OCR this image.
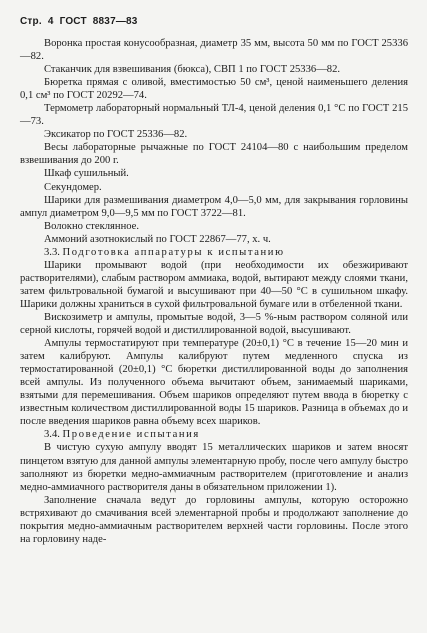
Стр. 4 ГОСТ 8837—83

Воронка простая конусообразная, диаметр 35 мм, высота 50 мм по ГОСТ 25336—82.

Стаканчик для взвешивания (бюкса), СВП 1 по ГОСТ 25336—82.

Бюретка прямая с оливой, вместимостью 50 см³, ценой наименьшего деления 0,1 см³ по ГОСТ 20292—74.

Термометр лабораторный нормальный ТЛ-4, ценой деления 0,1 °С по ГОСТ 215—73.

Эксикатор по ГОСТ 25336—82.

Весы лабораторные рычажные по ГОСТ 24104—80 с наибольшим пределом взвешивания до 200 г.

Шкаф сушильный.

Секундомер.

Шарики для размешивания диаметром 4,0—5,0 мм, для закрывания горловины ампул диаметром 9,0—9,5 мм по ГОСТ 3722—81.

Волокно стеклянное.

Аммоний азотнокислый по ГОСТ 22867—77, х. ч.

3.3. Подготовка аппаратуры к испытанию

Шарики промывают водой (при необходимости их обезжиривают растворителями), слабым раствором аммиака, водой, вытирают между слоями ткани, затем фильтровальной бумагой и высушивают при 40—50 °С в сушильном шкафу. Шарики должны храниться в сухой фильтровальной бумаге или в отбеленной ткани.

Вискозиметр и ампулы, промытые водой, 3—5 %-ным раствором соляной или серной кислоты, горячей водой и дистиллированной водой, высушивают.

Ампулы термостатируют при температуре (20±0,1) °С в течение 15—20 мин и затем калибруют. Ампулы калибруют путем медленного спуска из термостатированной (20±0,1) °С бюретки дистиллированной воды до заполнения всей ампулы. Из полученного объема вычитают объем, занимаемый шариками, взятыми для перемешивания. Объем шариков определяют путем ввода в бюретку с известным количеством дистиллированной воды 15 шариков. Разница в объемах до и после введения шариков равна объему всех шариков.

3.4. Проведение испытания

В чистую сухую ампулу вводят 15 металлических шариков и затем вносят пинцетом взятую для данной ампулы элементарную пробу, после чего ампулу быстро заполняют из бюретки медно-аммиачным растворителем (приготовление и анализ медно-аммиачного растворителя даны в обязательном приложении 1).

Заполнение сначала ведут до горловины ампулы, которую осторожно встряхивают до смачивания всей элементарной пробы и продолжают заполнение до покрытия медно-аммиачным растворителем верхней части горловины. После этого на горловину наде-
